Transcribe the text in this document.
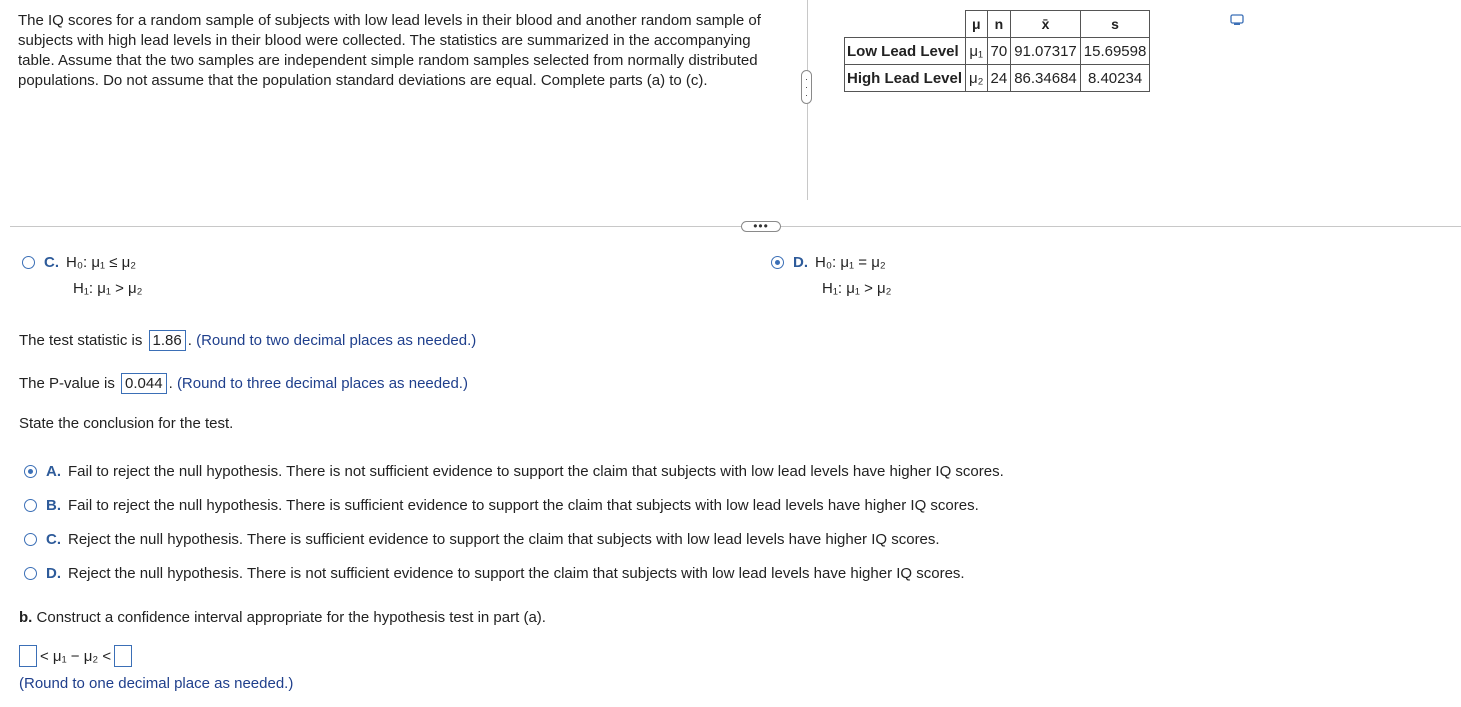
The IQ scores for a random sample of subjects with low lead levels in their blood and another random sample of subjects with high lead levels in their blood were collected. The statistics are summarized in the accompanying table. Assume that the two samples are independent simple random samples selected from normally distributed populations. Do not assume that the population standard deviations are equal. Complete parts (a) to (c).	·
·
·
	μ	n	x̄	s
Low Lead Level	μ₁	70	91.07317	15.69598
High Lead Level	μ₂	24	86.34684	8.40234
•••
C. H₀: μ₁ ≤ μ₂
H₁: μ₁ > μ₂
D. H₀: μ₁ = μ₂
H₁: μ₁ > μ₂
The test statistic is 1.86 . (Round to two decimal places as needed.)
The P-value is 0.044 . (Round to three decimal places as needed.)
State the conclusion for the test.
A. Fail to reject the null hypothesis. There is not sufficient evidence to support the claim that subjects with low lead levels have higher IQ scores.
B. Fail to reject the null hypothesis. There is sufficient evidence to support the claim that subjects with low lead levels have higher IQ scores.
C. Reject the null hypothesis. There is sufficient evidence to support the claim that subjects with low lead levels have higher IQ scores.
D. Reject the null hypothesis. There is not sufficient evidence to support the claim that subjects with low lead levels have higher IQ scores.
b. Construct a confidence interval appropriate for the hypothesis test in part (a).
< μ₁ − μ₂ <
(Round to one decimal place as needed.)
